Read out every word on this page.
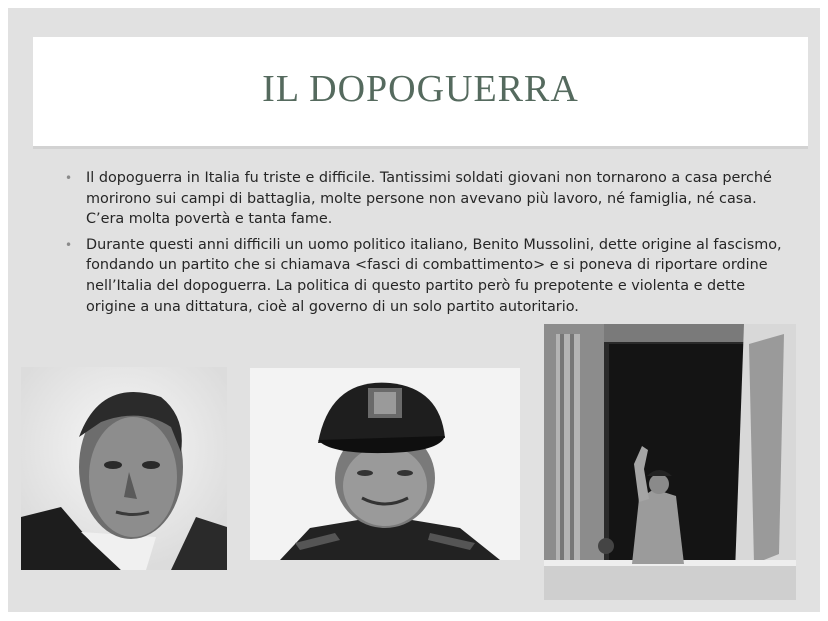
IL DOPOGUERRA
• Il dopoguerra in Italia fu triste e difficile. Tantissimi soldati giovani non tornarono a casa perché morirono sui campi di battaglia, molte persone non avevano più lavoro, né famiglia, né casa. C’era molta povertà e tanta fame.
• Durante questi anni difficili un uomo politico italiano, Benito Mussolini, dette origine al fascismo, fondando un partito che si chiamava <fasci di combattimento> e si poneva di riportare ordine nell’Italia del dopoguerra. La politica di questo partito però fu prepotente e violenta e dette origine a una dittatura, cioè al governo di un solo partito autoritario.
